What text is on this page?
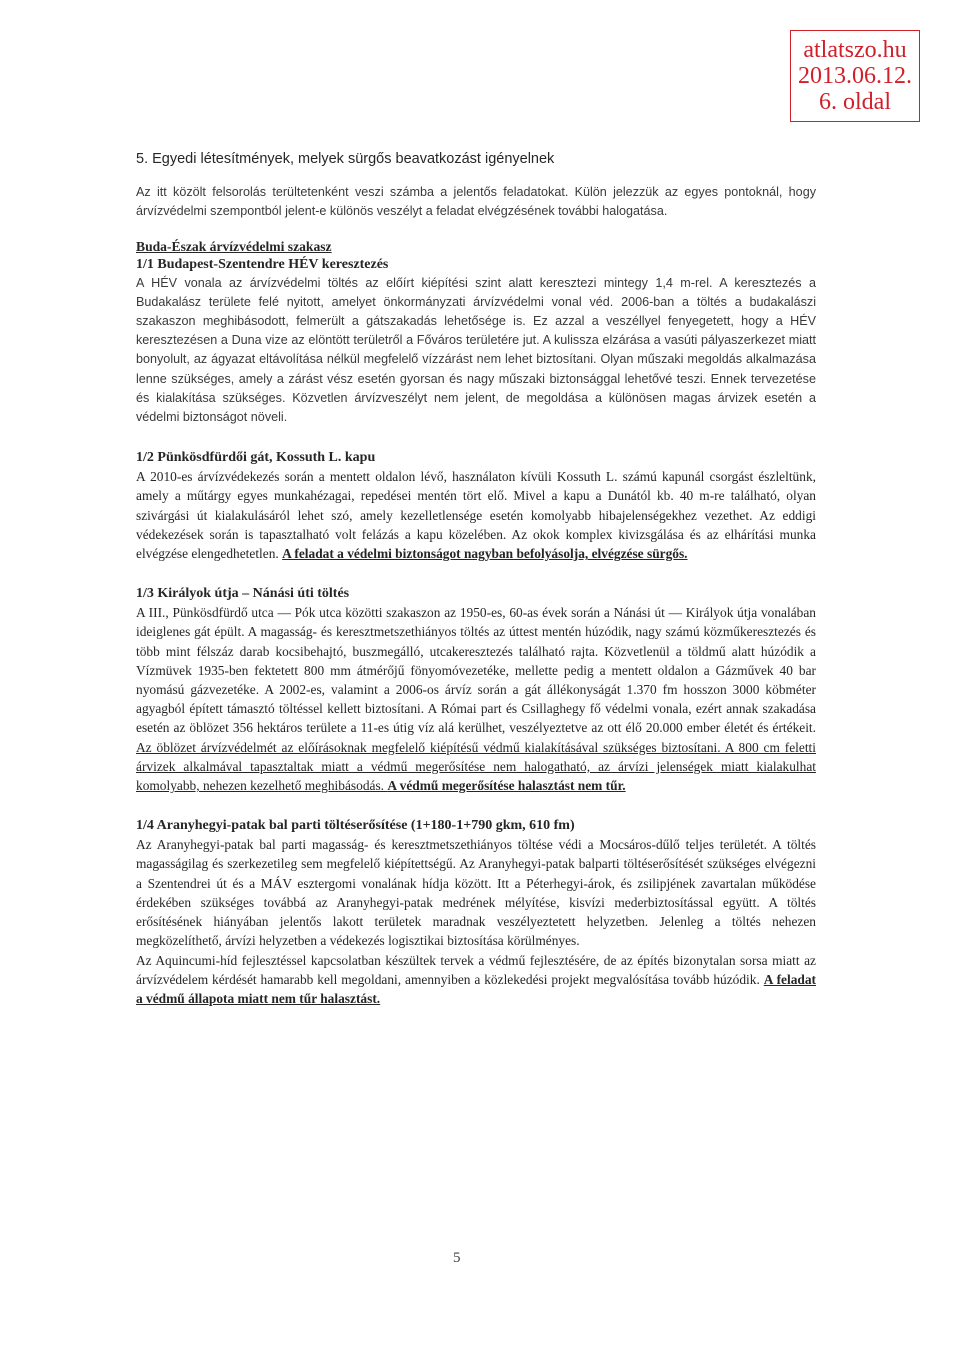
atlatszo.hu
2013.06.12.
6. oldal
5. Egyedi létesítmények, melyek sürgős beavatkozást igényelnek

Az itt közölt felsorolás terültetenként veszi számba a jelentős feladatokat. Külön jelezzük az egyes pontoknál, hogy árvízvédelmi szempontból jelent-e különös veszélyt a feladat elvégzésének további halogatása.

Buda-Észak árvízvédelmi szakasz
1/1 Budapest-Szentendre HÉV keresztezés

A HÉV vonala az árvízvédelmi töltés az előírt kiépítési szint alatt keresztezi mintegy 1,4 m-rel. A keresztezés a Budakalász területe felé nyitott, amelyet önkormányzati árvízvédelmi vonal véd. 2006-ban a töltés a budakalászi szakaszon meghibásodott, felmerült a gátszakadás lehetősége is. Ez azzal a veszéllyel fenyegetett, hogy a HÉV keresztezésen a Duna vize az elöntött területről a Főváros területére jut. A kulissza elzárása a vasúti pályaszerkezet miatt bonyolult, az ágyazat eltávolítása nélkül megfelelő vízzárást nem lehet biztosítani. Olyan műszaki megoldás alkalmazása lenne szükséges, amely a zárást vész esetén gyorsan és nagy műszaki biztonsággal lehetővé teszi. Ennek tervezetése és kialakítása szükséges. Közvetlen árvízveszélyt nem jelent, de megoldása a különösen magas árvizek esetén a védelmi biztonságot növeli.

1/2 Pünkösdfürdői gát, Kossuth L. kapu

A 2010-es árvízvédekezés során a mentett oldalon lévő, használaton kívüli Kossuth L. számú kapunál csorgást észleltünk, amely a műtárgy egyes munkahézagai, repedései mentén tört elő. Mivel a kapu a Dunától kb. 40 m-re található, olyan szivárgási út kialakulásáról lehet szó, amely kezelletlensége esetén komolyabb hibajelenségekhez vezethet. Az eddigi védekezések során is tapasztalható volt felázás a kapu közelében. Az okok komplex kivizsgálása és az elhárítási munka elvégzése elengedhetetlen. A feladat a védelmi biztonságot nagyban befolyásolja, elvégzése sürgős.

1/3 Királyok útja – Nánási úti töltés

A III., Pünkösdfürdő utca — Pók utca közötti szakaszon az 1950-es, 60-as évek során a Nánási út — Királyok útja vonalában ideiglenes gát épült. A magasság- és keresztmetszethiányos töltés az úttest mentén húzódik, nagy számú közműkeresztezés és több mint félszáz darab kocsibehajtó, buszmegálló, utcakeresztezés található rajta. Közvetlenül a töldmű alatt húzódik a Vízmüvek 1935-ben fektetett 800 mm átmérőjű fönyomóvezetéke, mellette pedig a mentett oldalon a Gázművek 40 bar nyomású gázvezetéke. A 2002-es, valamint a 2006-os árvíz során a gát állékonyságát 1.370 fm hosszon 3000 köbméter agyagból épített támasztó töltéssel kellett biztosítani. A Római part és Csillaghegy fő védelmi vonala, ezért annak szakadása esetén az öblözet 356 hektáros területe a 11-es útig víz alá kerülhet, veszélyeztetve az ott élő 20.000 ember életét és értékeit. Az öblözet árvízvédelmét az előírásoknak megfelelő kiépítésű védmű kialakításával szükséges biztosítani. A 800 cm feletti árvizek alkalmával tapasztaltak miatt a védmű megerősítése nem halogatható, az árvízi jelenségek miatt kialakulhat komolyabb, nehezen kezelhető meghibásodás. A védmű megerősítése halasztást nem tűr.

1/4 Aranyhegyi-patak bal parti töltéserősítése (1+180-1+790 gkm, 610 fm)

Az Aranyhegyi-patak bal parti magasság- és keresztmetszethiányos töltése védi a Mocsáros-dűlő teljes területét. A töltés magasságilag és szerkezetileg sem megfelelő kiépítettségű. Az Aranyhegyi-patak balparti töltéserősítését szükséges elvégezni a Szentendrei út és a MÁV esztergomi vonalának hídja között. Itt a Péterhegyi-árok, és zsilipjének zavartalan működése érdekében szükséges továbbá az Aranyhegyi-patak medrének mélyítése, kisvízi mederbiztosítással együtt. A töltés erősítésének hiányában jelentős lakott területek maradnak veszélyeztetett helyzetben. Jelenleg a töltés nehezen megközelíthető, árvízi helyzetben a védekezés logisztikai biztosítása körülményes.

Az Aquincumi-híd fejlesztéssel kapcsolatban készültek tervek a védmű fejlesztésére, de az építés bizonytalan sorsa miatt az árvízvédelem kérdését hamarabb kell megoldani, amennyiben a közlekedési projekt megvalósítása tovább húzódik. A feladat a védmű állapota miatt nem tűr halasztást.

5
